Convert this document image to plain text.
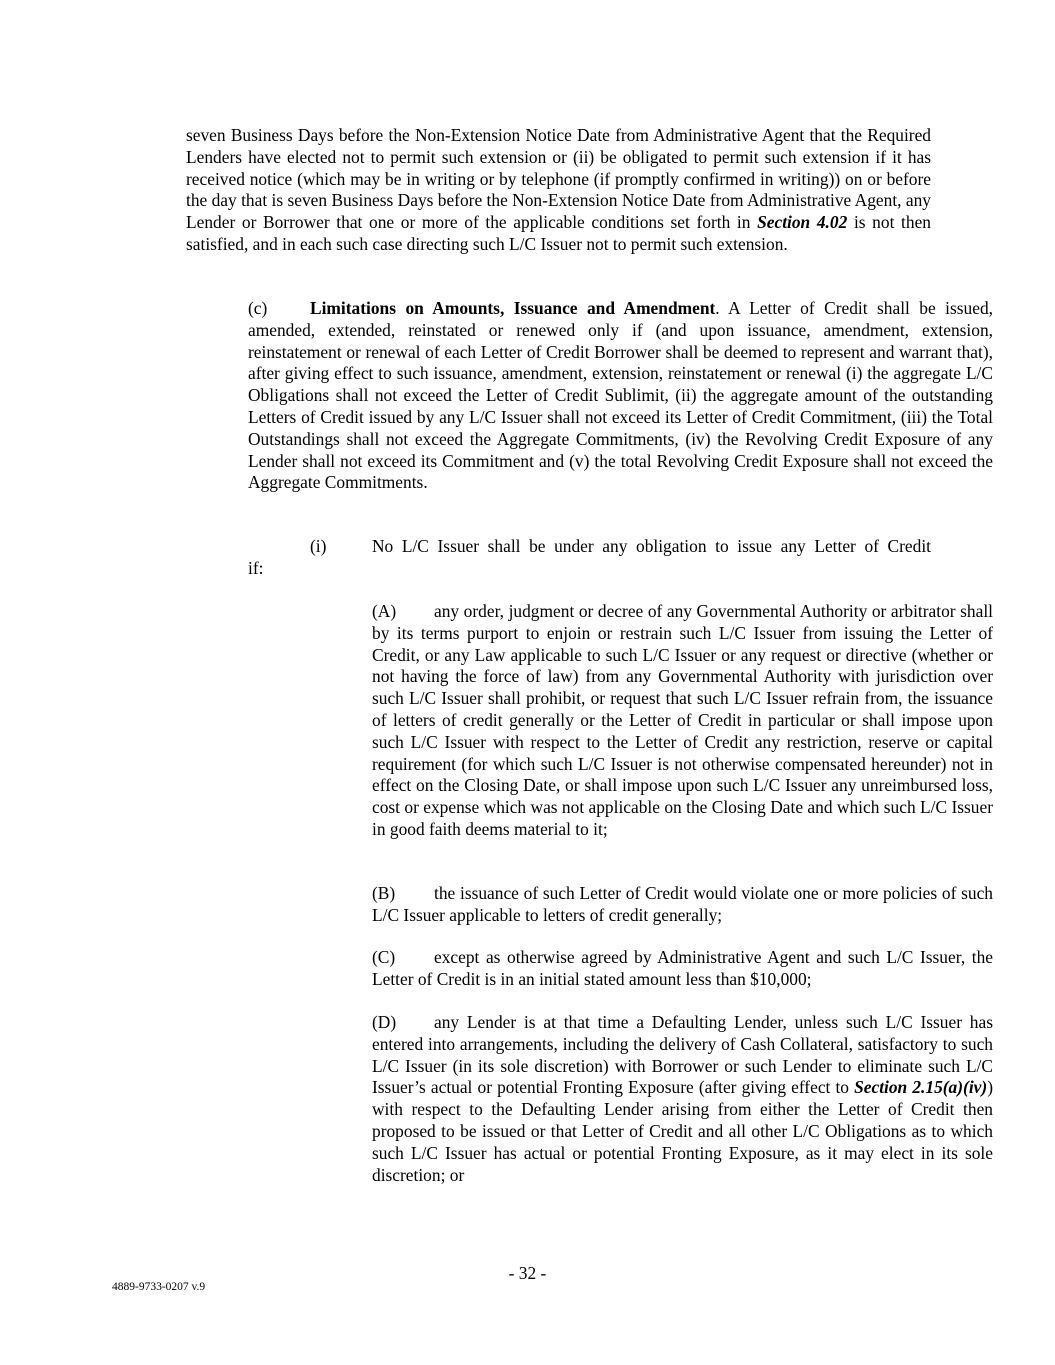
seven Business Days before the Non-Extension Notice Date from Administrative Agent that the Required Lenders have elected not to permit such extension or (ii) be obligated to permit such extension if it has received notice (which may be in writing or by telephone (if promptly confirmed in writing)) on or before the day that is seven Business Days before the Non-Extension Notice Date from Administrative Agent, any Lender or Borrower that one or more of the applicable conditions set forth in Section 4.02 is not then satisfied, and in each such case directing such L/C Issuer not to permit such extension.
(c) Limitations on Amounts, Issuance and Amendment. A Letter of Credit shall be issued, amended, extended, reinstated or renewed only if (and upon issuance, amendment, extension, reinstatement or renewal of each Letter of Credit Borrower shall be deemed to represent and warrant that), after giving effect to such issuance, amendment, extension, reinstatement or renewal (i) the aggregate L/C Obligations shall not exceed the Letter of Credit Sublimit, (ii) the aggregate amount of the outstanding Letters of Credit issued by any L/C Issuer shall not exceed its Letter of Credit Commitment, (iii) the Total Outstandings shall not exceed the Aggregate Commitments, (iv) the Revolving Credit Exposure of any Lender shall not exceed its Commitment and (v) the total Revolving Credit Exposure shall not exceed the Aggregate Commitments.
(i)	No L/C Issuer shall be under any obligation to issue any Letter of Credit
if:
(A) any order, judgment or decree of any Governmental Authority or arbitrator shall by its terms purport to enjoin or restrain such L/C Issuer from issuing the Letter of Credit, or any Law applicable to such L/C Issuer or any request or directive (whether or not having the force of law) from any Governmental Authority with jurisdiction over such L/C Issuer shall prohibit, or request that such L/C Issuer refrain from, the issuance of letters of credit generally or the Letter of Credit in particular or shall impose upon such L/C Issuer with respect to the Letter of Credit any restriction, reserve or capital requirement (for which such L/C Issuer is not otherwise compensated hereunder) not in effect on the Closing Date, or shall impose upon such L/C Issuer any unreimbursed loss, cost or expense which was not applicable on the Closing Date and which such L/C Issuer in good faith deems material to it;
(B) the issuance of such Letter of Credit would violate one or more policies of such L/C Issuer applicable to letters of credit generally;
(C) except as otherwise agreed by Administrative Agent and such L/C Issuer, the Letter of Credit is in an initial stated amount less than $10,000;
(D) any Lender is at that time a Defaulting Lender, unless such L/C Issuer has entered into arrangements, including the delivery of Cash Collateral, satisfactory to such L/C Issuer (in its sole discretion) with Borrower or such Lender to eliminate such L/C Issuer’s actual or potential Fronting Exposure (after giving effect to Section 2.15(a)(iv)) with respect to the Defaulting Lender arising from either the Letter of Credit then proposed to be issued or that Letter of Credit and all other L/C Obligations as to which such L/C Issuer has actual or potential Fronting Exposure, as it may elect in its sole discretion; or
- 32 -
4889-9733-0207 v.9
